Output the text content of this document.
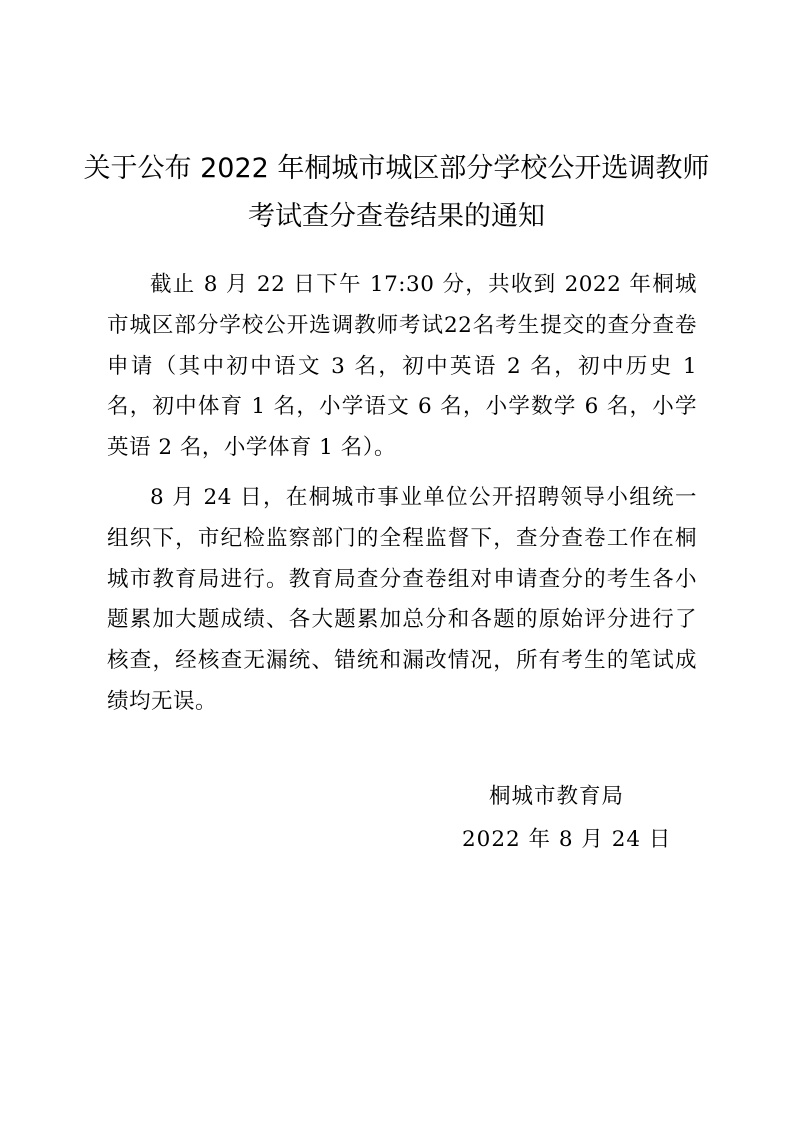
关于公布 2022 年桐城市城区部分学校公开选调教师
考试查分查卷结果的通知

截止 8 月 22 日下午 17:30 分，共收到 2022 年桐城市城区部分学校公开选调教师考试22名考生提交的查分查卷申请（其中初中语文 3 名，初中英语 2 名，初中历史 1 名，初中体育 1 名，小学语文 6 名，小学数学 6 名，小学英语 2 名，小学体育 1 名）。

8 月 24 日，在桐城市事业单位公开招聘领导小组统一组织下，市纪检监察部门的全程监督下，查分查卷工作在桐城市教育局进行。教育局查分查卷组对申请查分的考生各小题累加大题成绩、各大题累加总分和各题的原始评分进行了核查，经核查无漏统、错统和漏改情况，所有考生的笔试成绩均无误。

桐城市教育局
2022 年 8 月 24 日
